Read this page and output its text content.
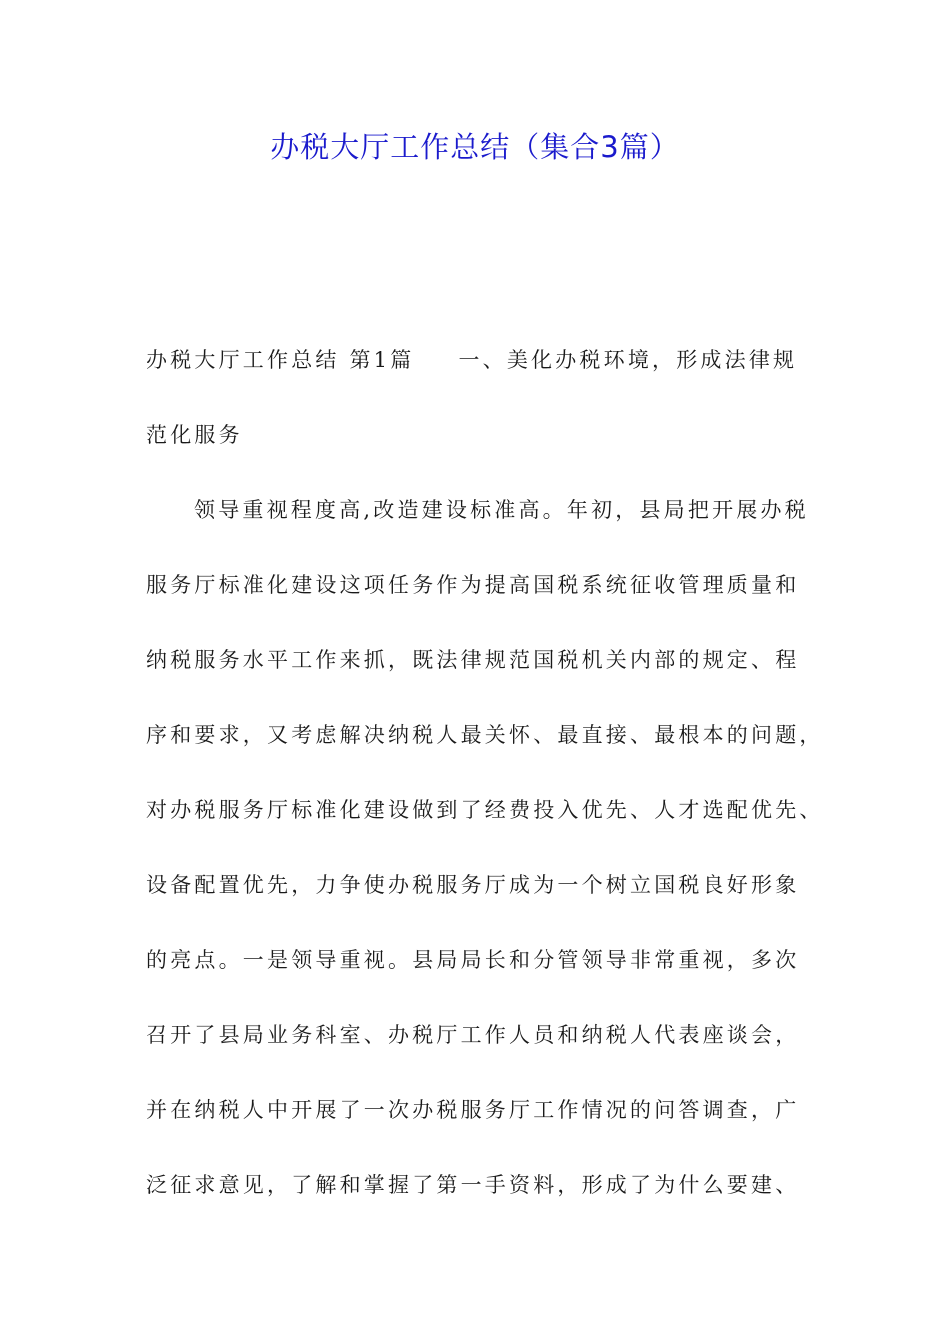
办税大厅工作总结（集合3篇）
办税大厅工作总结 第1篇 一、美化办税环境，形成法律规
范化服务
领导重视程度高,改造建设标准高。年初，县局把开展办税
服务厅标准化建设这项任务作为提高国税系统征收管理质量和
纳税服务水平工作来抓，既法律规范国税机关内部的规定、程
序和要求，又考虑解决纳税人最关怀、最直接、最根本的问题，
对办税服务厅标准化建设做到了经费投入优先、人才选配优先、
设备配置优先，力争使办税服务厅成为一个树立国税良好形象
的亮点。一是领导重视。县局局长和分管领导非常重视，多次
召开了县局业务科室、办税厅工作人员和纳税人代表座谈会，
并在纳税人中开展了一次办税服务厅工作情况的问答调查，广
泛征求意见，了解和掌握了第一手资料，形成了为什么要建、
